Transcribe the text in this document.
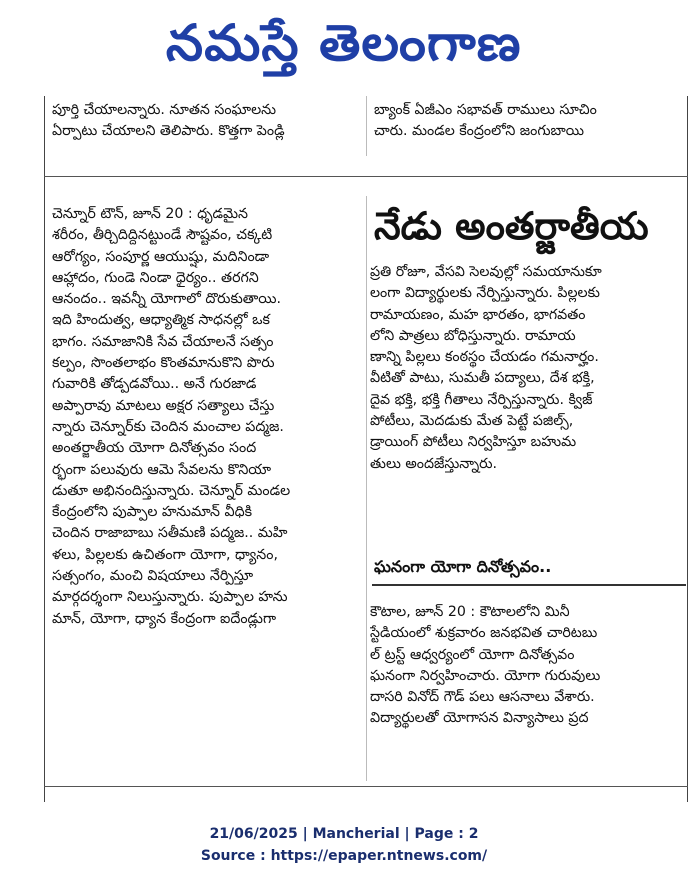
నమస్తే తెలంగాణ
పూర్తి చేయాలన్నారు. నూతన సంఘాలను
ఏర్పాటు చేయాలని తెలిపారు. కొత్తగా పెండ్లి
బ్యాంక్ ఏజీఎం సభావత్ రాములు సూచిం
చారు. మండల కేంద్రంలోని జంగుబాయి
చెన్నూర్ టౌన్, జూన్ 20 : ధృడమైన
శరీరం, తీర్చిదిద్దినట్టుండే సౌష్టవం, చక్కటి
ఆరోగ్యం, సంపూర్ణ ఆయుష్షు, మదినిండా
ఆహ్లాదం, గుండె నిండా ధైర్యం.. తరగని
ఆనందం.. ఇవన్నీ యోగాలో దొరుకుతాయి.
ఇది హిందుత్వ, ఆధ్యాత్మిక సాధనల్లో ఒక
భాగం. సమాజానికి సేవ చేయాలనే సత్సం
కల్పం, సొంతలాభం కొంతమానుకొని పొరు
గువారికి తోడ్పడవోయి.. అనే గురజాడ
అప్పారావు మాటలు అక్షర సత్యాలు చేస్తు
న్నారు చెన్నూర్‌కు చెందిన మంచాల పద్మజ.
అంతర్జాతీయ యోగా దినోత్సవం సంద
ర్భంగా పలువురు ఆమె సేవలను కొనియా
డుతూ అభినందిస్తున్నారు. చెన్నూర్ మండల
కేంద్రంలోని పుప్పాల హనుమాన్ వీధికి
చెందిన రాజాబాబు సతీమణి పద్మజ.. మహి
ళలు, పిల్లలకు ఉచితంగా యోగా, ధ్యానం,
సత్సంగం, మంచి విషయాలు నేర్పిస్తూ
మార్గదర్శంగా నిలుస్తున్నారు. పుప్పాల హను
మాన్, యోగా, ధ్యాన కేంద్రంగా ఐదేండ్లుగా
నేడు అంతర్జాతీయ
ప్రతి రోజూ, వేసవి సెలవుల్లో సమయానుకూ
లంగా విద్యార్థులకు నేర్పిస్తున్నారు. పిల్లలకు
రామాయణం, మహ భారతం, భాగవతం
లోని పాత్రలు బోధిస్తున్నారు. రామాయ
ణాన్ని పిల్లలు కంఠస్థం చేయడం గమనార్హం.
వీటితో పాటు, సుమతీ పద్యాలు, దేశ భక్తి,
దైవ భక్తి, భక్తి గీతాలు నేర్పిస్తున్నారు. క్విజ్
పోటీలు, మెదడుకు మేత పెట్టే పజిల్స్,
డ్రాయింగ్ పోటీలు నిర్వహిస్తూ బహుమ
తులు అందజేస్తున్నారు.
ఘనంగా యోగా దినోత్సవం..
కౌటాల, జూన్ 20 : కౌటాలలోని మినీ
స్టేడియంలో శుక్రవారం జనభవిత చారిటబు
ల్ ట్రస్ట్ ఆధ్వర్యంలో యోగా దినోత్సవం
ఘనంగా నిర్వహించారు. యోగా గురువులు
దాసరి వినోద్ గౌడ్ పలు ఆసనాలు వేశారు.
విద్యార్థులతో యోగాసన విన్యాసాలు ప్రద
21/06/2025 | Mancherial | Page : 2
Source : https://epaper.ntnews.com/
